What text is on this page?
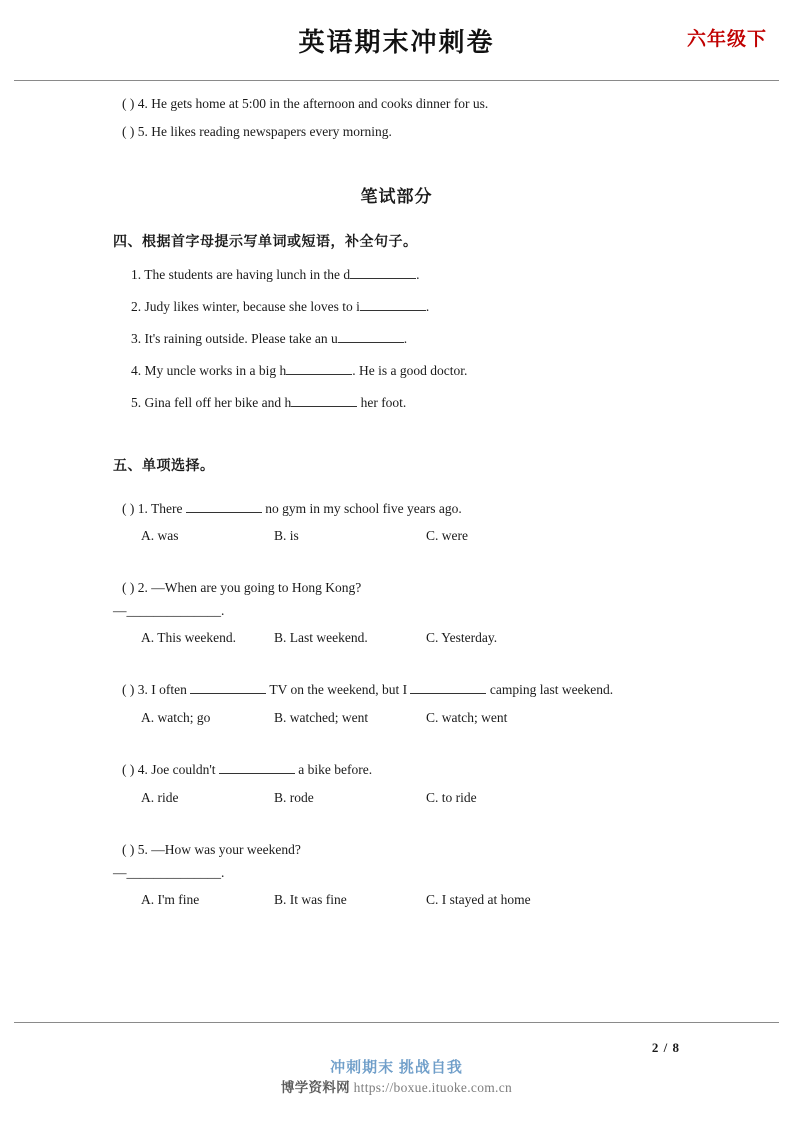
英语期末冲刺卷	六年级下
( ) 4. He gets home at 5:00 in the afternoon and cooks dinner for us.
( ) 5. He likes reading newspapers every morning.
笔试部分
四、根据首字母提示写单词或短语，补全句子。
1. The students are having lunch in the d	.
2. Judy likes winter, because she loves to i	.
3. It's raining outside. Please take an u	.
4. My uncle works in a big h	. He is a good doctor.
5. Gina fell off her bike and h	her foot.
五、单项选择。
( ) 1. There	no gym in my school five years ago.
A. was	B. is	C. were
( ) 2. —When are you going to Hong Kong?
—______________.
A. This weekend.	B. Last weekend.	C. Yesterday.
( ) 3. I often	TV on the weekend, but I	camping last weekend.
A. watch; go	B. watched; went	C. watch; went
( ) 4. Joe couldn't	a bike before.
A. ride	B. rode	C. to ride
( ) 5. —How was your weekend?
—______________.
A. I'm fine	B. It was fine	C. I stayed at home
2 / 8
冲刺期末 挑战自我
博学资料网 https://boxue.ituoke.com.cn
